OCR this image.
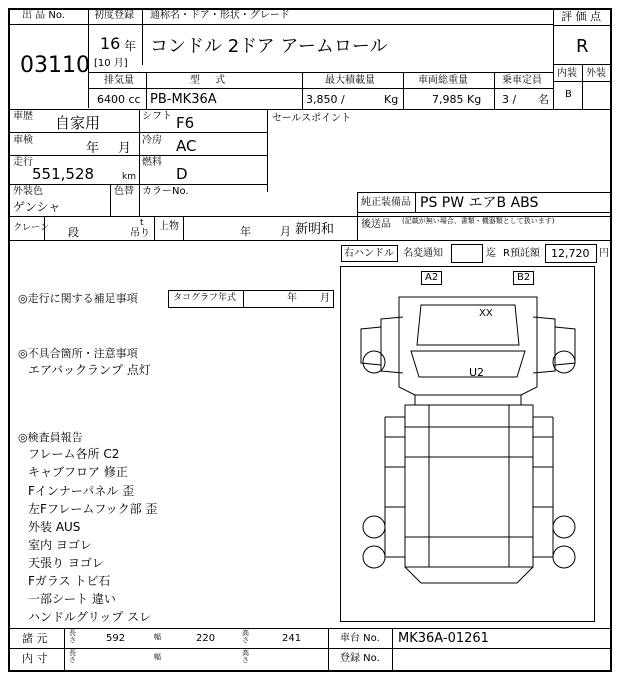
出 品 No.
03110
初度登録 通称名・ドア・形状・グレード
16 年
[10 月]
コンドル 2ドア アームロール
評 価 点
R
内装 外装
B
排気量	型 式	最大積載量	車両総重量	乗車定員
6400 cc PB-MK36A	3,850 /	Kg	7,985 Kg 3 / 名
車歴 自家用	シフト F6	セールスポイント
車検
年 月
冷房 AC
走行
551,528	km
燃料
D
外装色
ゲンシャ
色替 カラーNo.
純正装備品 PS PW エアB ABS
後送品 (記載が無い場合、書類・機器類として扱います)
クレーン 段
t
吊り
上物	年	月 新明和
右ハンドル 名変通知	迄 R預託額 12,720 円
◎走行に関する補足事項	タコグラフ年式	年 月
◎不具合箇所・注意事項
エアバックランプ 点灯
◎検査員報告
フレーム各所 C2
キャブフロア 修正
Fインナーパネル 歪
左Fフレームフック部 歪
外装 AUS
室内 ヨゴレ
天張り ヨゴレ
Fガラス トビ石
一部シート 違い
ハンドルグリップ スレ
A2	B2
XX
U2
諸 元	長さ	592	幅	220	高さ	241	車台 No. MK36A-01261
内 寸	長さ	幅	高さ	登録 No.
